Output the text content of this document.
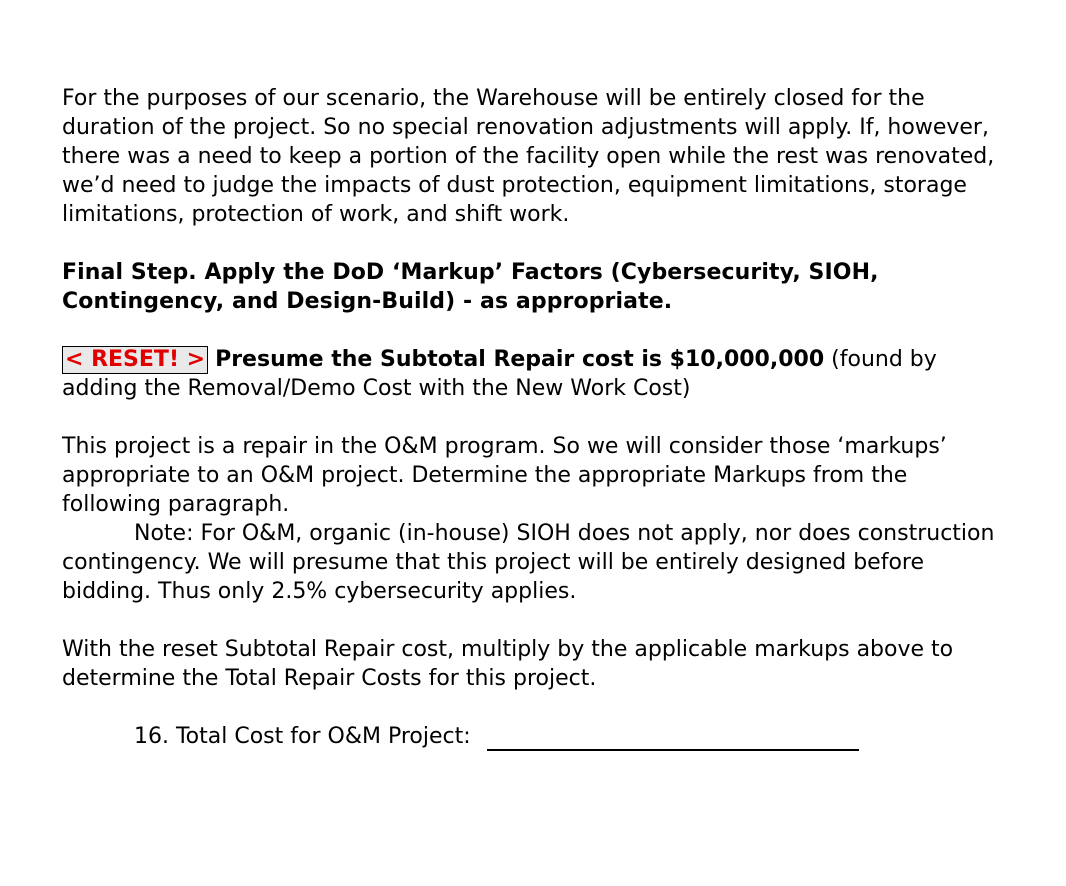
For the purposes of our scenario, the Warehouse will be entirely closed for the duration of the project. So no special renovation adjustments will apply. If, however, there was a need to keep a portion of the facility open while the rest was renovated, we’d need to judge the impacts of dust protection, equipment limitations, storage limitations, protection of work, and shift work.

Final Step. Apply the DoD ‘Markup’ Factors (Cybersecurity, SIOH, Contingency, and Design-Build) - as appropriate.

< RESET! > Presume the Subtotal Repair cost is $10,000,000 (found by adding the Removal/Demo Cost with the New Work Cost)

This project is a repair in the O&M program. So we will consider those ‘markups’ appropriate to an O&M project. Determine the appropriate Markups from the following paragraph.

Note: For O&M, organic (in-house) SIOH does not apply, nor does construction contingency. We will presume that this project will be entirely designed before bidding. Thus only 2.5% cybersecurity applies.

With the reset Subtotal Repair cost, multiply by the applicable markups above to determine the Total Repair Costs for this project.

16. Total Cost for O&M Project:
